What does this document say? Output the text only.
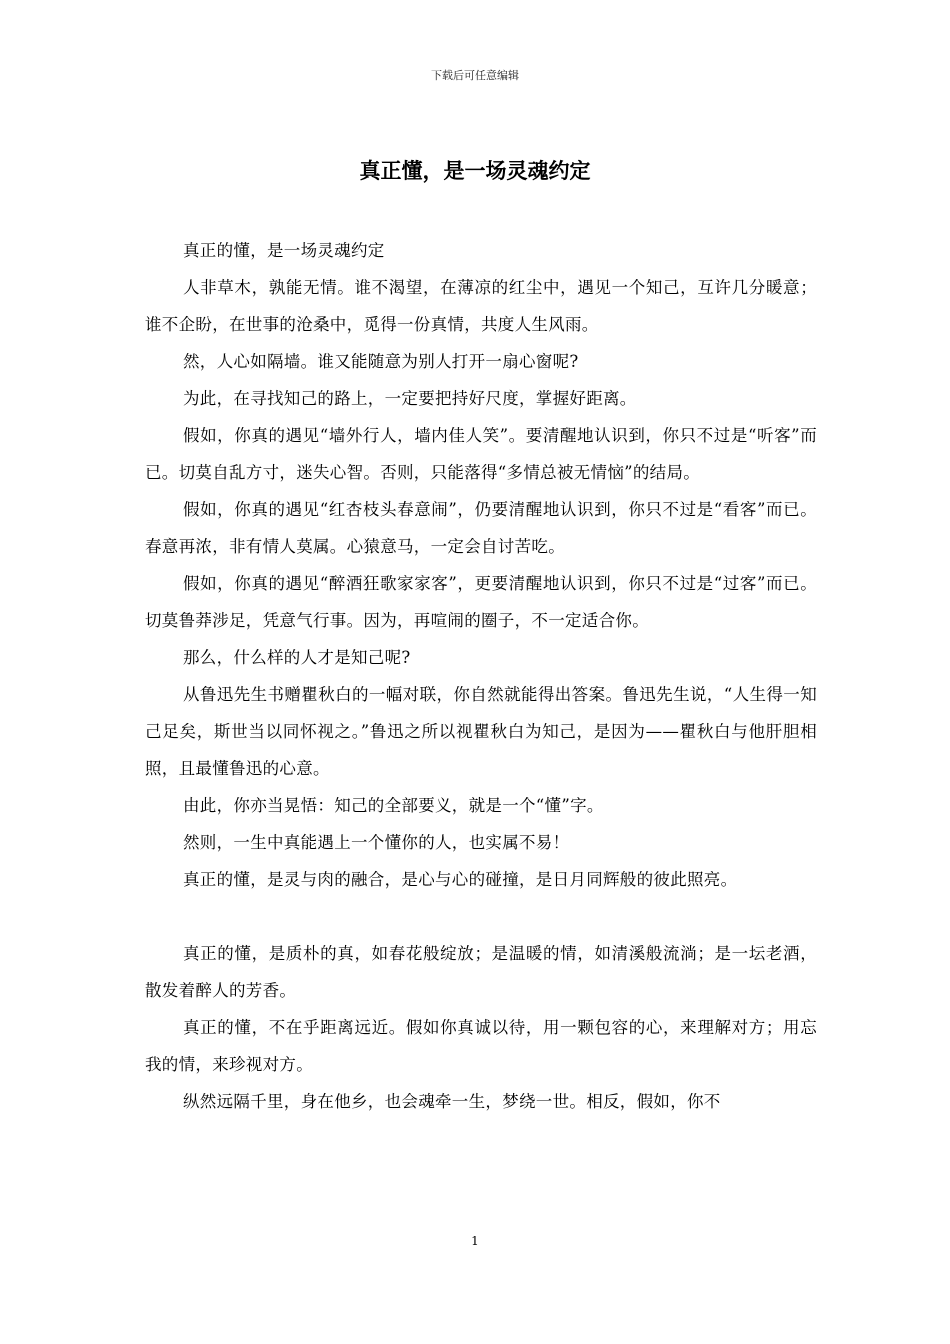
下载后可任意编辑
真正懂，是一场灵魂约定

真正的懂，是一场灵魂约定

人非草木，孰能无情。谁不渴望，在薄凉的红尘中，遇见一个知己，互许几分暖意；谁不企盼，在世事的沧桑中，觅得一份真情，共度人生风雨。

然，人心如隔墙。谁又能随意为别人打开一扇心窗呢?

为此，在寻找知己的路上，一定要把持好尺度，掌握好距离。

假如，你真的遇见“墙外行人，墙内佳人笑”。要清醒地认识到，你只不过是“听客”而已。切莫自乱方寸，迷失心智。否则，只能落得“多情总被无情恼”的结局。

假如，你真的遇见“红杏枝头春意闹”，仍要清醒地认识到，你只不过是“看客”而已。春意再浓，非有情人莫属。心猿意马，一定会自讨苦吃。

假如，你真的遇见“醉酒狂歌家家客”，更要清醒地认识到，你只不过是“过客”而已。切莫鲁莽涉足，凭意气行事。因为，再喧闹的圈子，不一定适合你。

那么，什么样的人才是知己呢?

从鲁迅先生书赠瞿秋白的一幅对联，你自然就能得出答案。鲁迅先生说，“人生得一知己足矣，斯世当以同怀视之。”鲁迅之所以视瞿秋白为知己，是因为——瞿秋白与他肝胆相照，且最懂鲁迅的心意。

由此，你亦当晃悟：知己的全部要义，就是一个“懂”字。

然则，一生中真能遇上一个懂你的人，也实属不易！

真正的懂，是灵与肉的融合，是心与心的碰撞，是日月同辉般的彼此照亮。

真正的懂，是质朴的真，如春花般绽放；是温暖的情，如清溪般流淌；是一坛老酒，散发着醉人的芳香。

真正的懂，不在乎距离远近。假如你真诚以待，用一颗包容的心，来理解对方；用忘我的情，来珍视对方。

纵然远隔千里，身在他乡，也会魂牵一生，梦绕一世。相反，假如，你不

1
